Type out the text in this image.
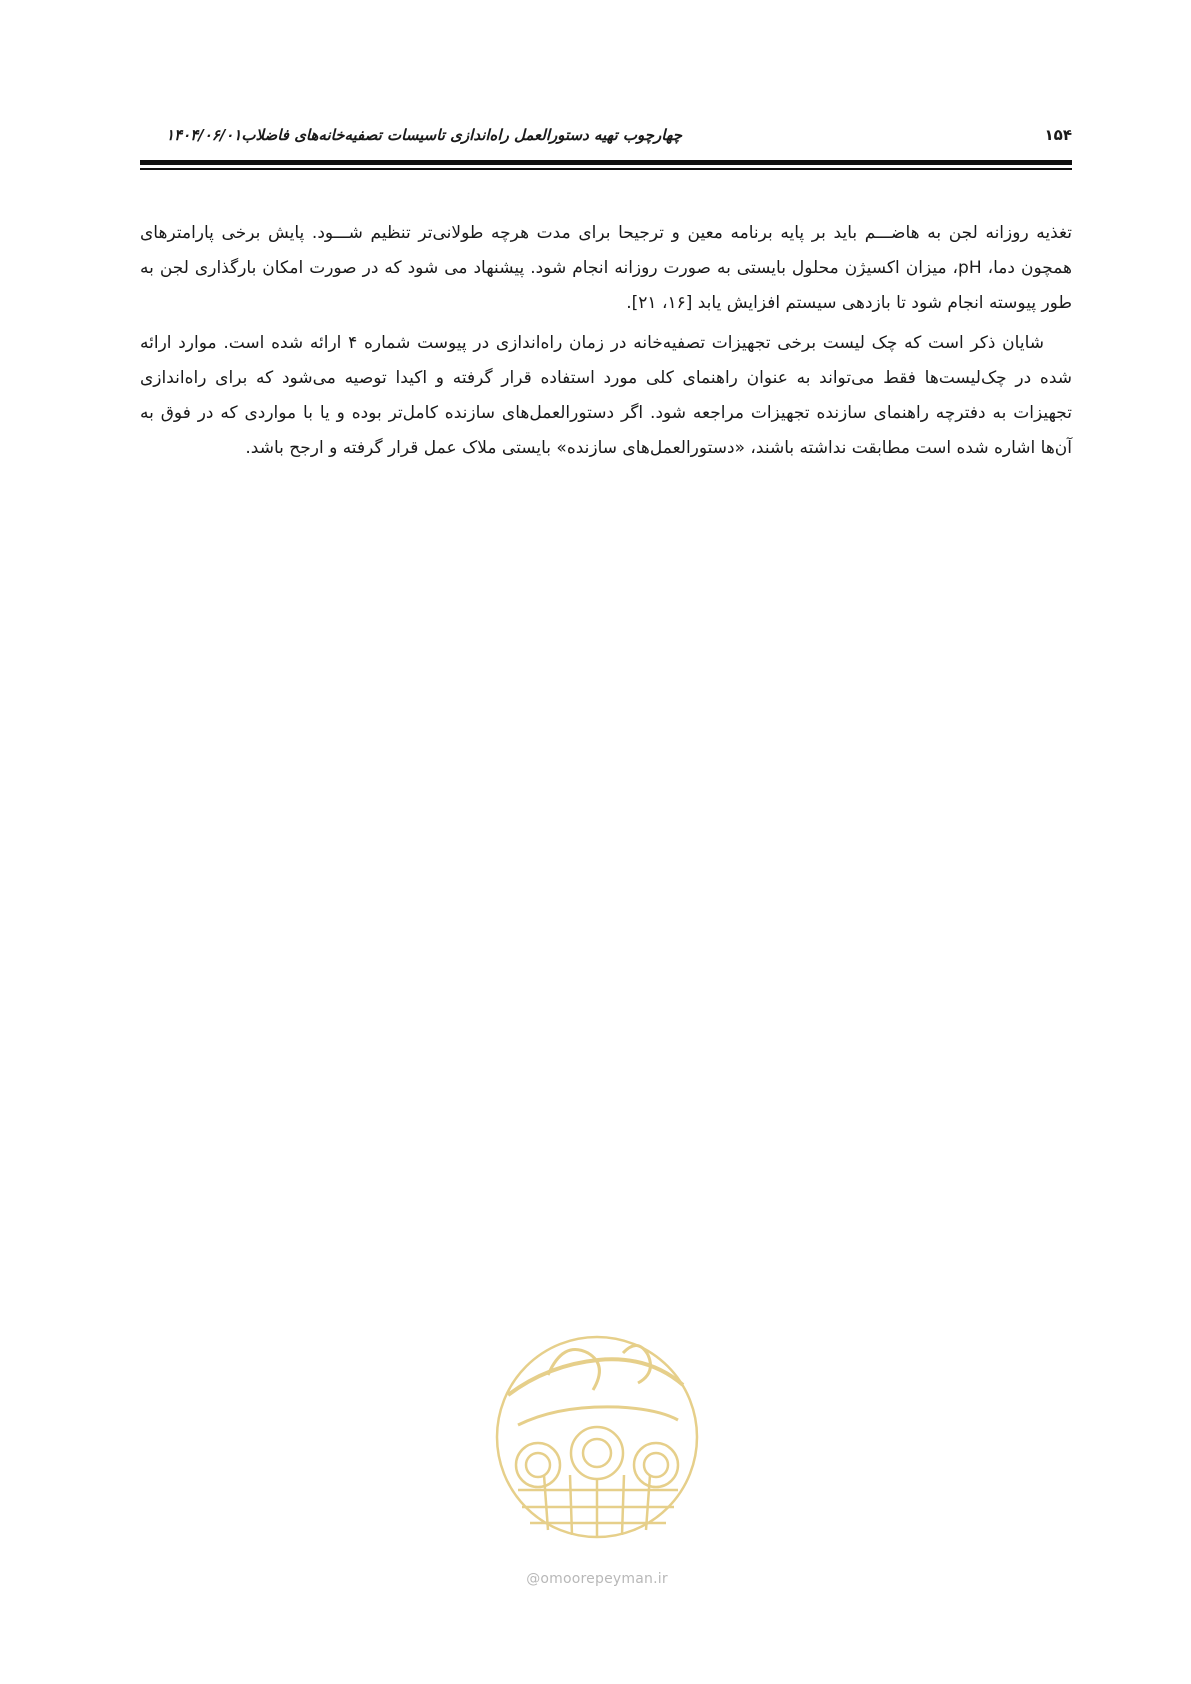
چهارچوب تهیه دستورالعمل راه‌اندازی تاسیسات تصفیه‌خانه‌های فاضلاب۱۴۰۴/۰۶/۰۱	۱۵۴

تغذیه روزانه لجن به هاضـــم باید بر پایه برنامه معین و ترجیحا برای مدت هرچه طولانی‌تر تنظیم شـــود. پایش برخی پارامترهای همچون دما، pH، میزان اکسیژن محلول بایستی به صورت روزانه انجام شود. پیشنهاد می شود که در صورت امکان بارگذاری لجن به طور پیوسته انجام شود تا بازدهی سیستم افزایش یابد [۱۶، ۲۱].

شایان ذکر است که چک لیست برخی تجهیزات تصفیه‌خانه در زمان راه‌اندازی در پیوست شماره ۴ ارائه شده است. موارد ارائه شده در چک‌لیست‌ها فقط می‌تواند به عنوان راهنمای کلی مورد استفاده قرار گرفته و اکیدا توصیه می‌شود که برای راه‌اندازی تجهیزات به دفترچه راهنمای سازنده تجهیزات مراجعه شود. اگر دستورالعمل‌های سازنده کامل‌تر بوده و یا با مواردی که در فوق به آن‌ها اشاره شده است مطابقت نداشته باشند، «دستورالعمل‌های سازنده» بایستی ملاک عمل قرار گرفته و ارجح باشد.

@omoorepeyman.ir
